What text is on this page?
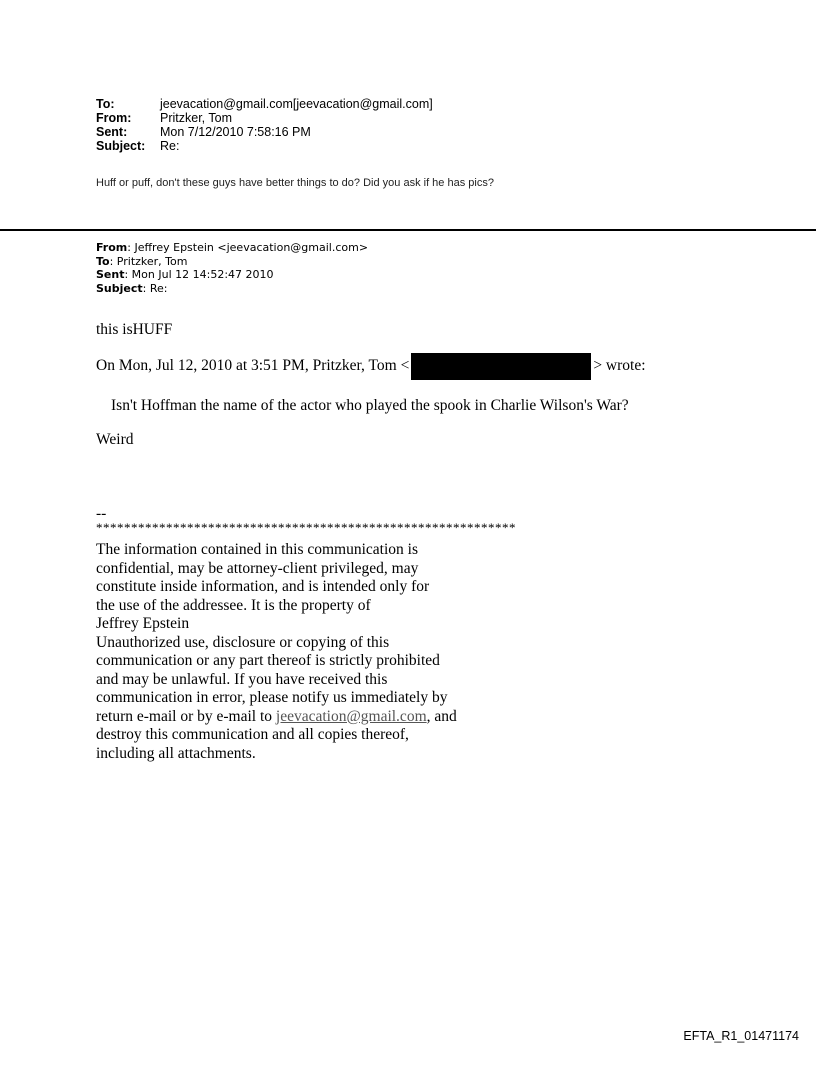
To:	jeevacation@gmail.com[jeevacation@gmail.com]
From:	Pritzker, Tom
Sent:	Mon 7/12/2010 7:58:16 PM
Subject:	Re:
Huff or puff, don't these guys have better things to do? Did you ask if he has pics?
From: Jeffrey Epstein <jeevacation@gmail.com>
To: Pritzker, Tom
Sent: Mon Jul 12 14:52:47 2010
Subject: Re:
this isHUFF
On Mon, Jul 12, 2010 at 3:51 PM, Pritzker, Tom <	> wrote:
Isn't Hoffman the name of the actor who played the spook in Charlie Wilson's War?
Weird
--
************************************************************
The information contained in this communication is
confidential, may be attorney-client privileged, may
constitute inside information, and is intended only for
the use of the addressee. It is the property of
Jeffrey Epstein
Unauthorized use, disclosure or copying of this
communication or any part thereof is strictly prohibited
and may be unlawful. If you have received this
communication in error, please notify us immediately by
return e-mail or by e-mail to jeevacation@gmail.com, and
destroy this communication and all copies thereof,
including all attachments.
EFTA_R1_01471174
